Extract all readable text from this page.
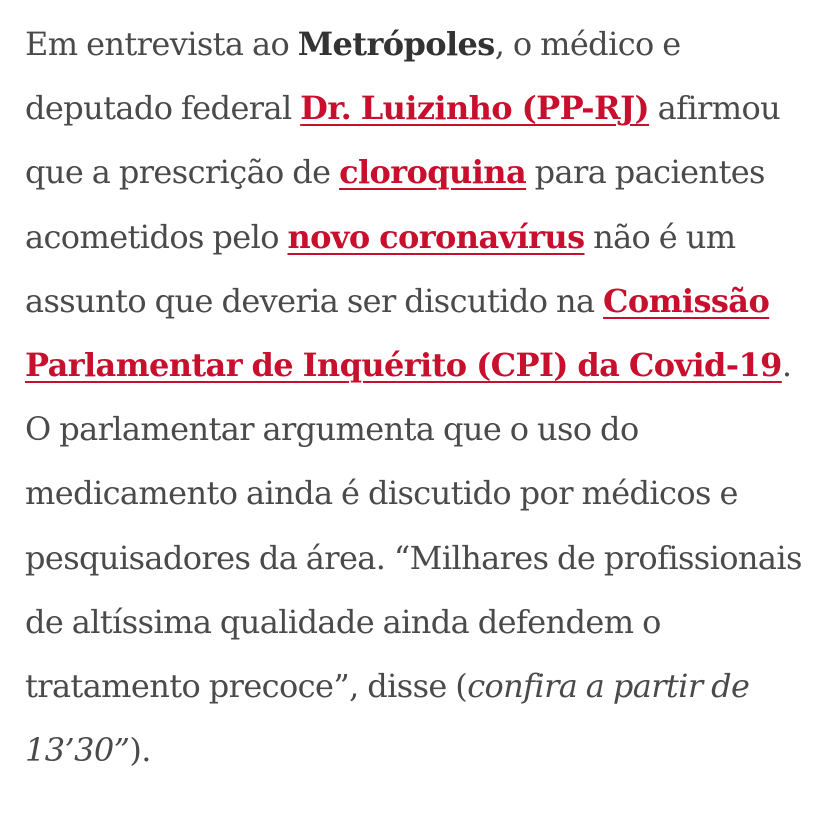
Em entrevista ao Metrópoles, o médico e deputado federal Dr. Luizinho (PP-RJ) afirmou que a prescrição de cloroquina para pacientes acometidos pelo novo coronavírus não é um assunto que deveria ser discutido na Comissão Parlamentar de Inquérito (CPI) da Covid-19. O parlamentar argumenta que o uso do medicamento ainda é discutido por médicos e pesquisadores da área. “Milhares de profissionais de altíssima qualidade ainda defendem o tratamento precoce”, disse (confira a partir de 13’30”).
